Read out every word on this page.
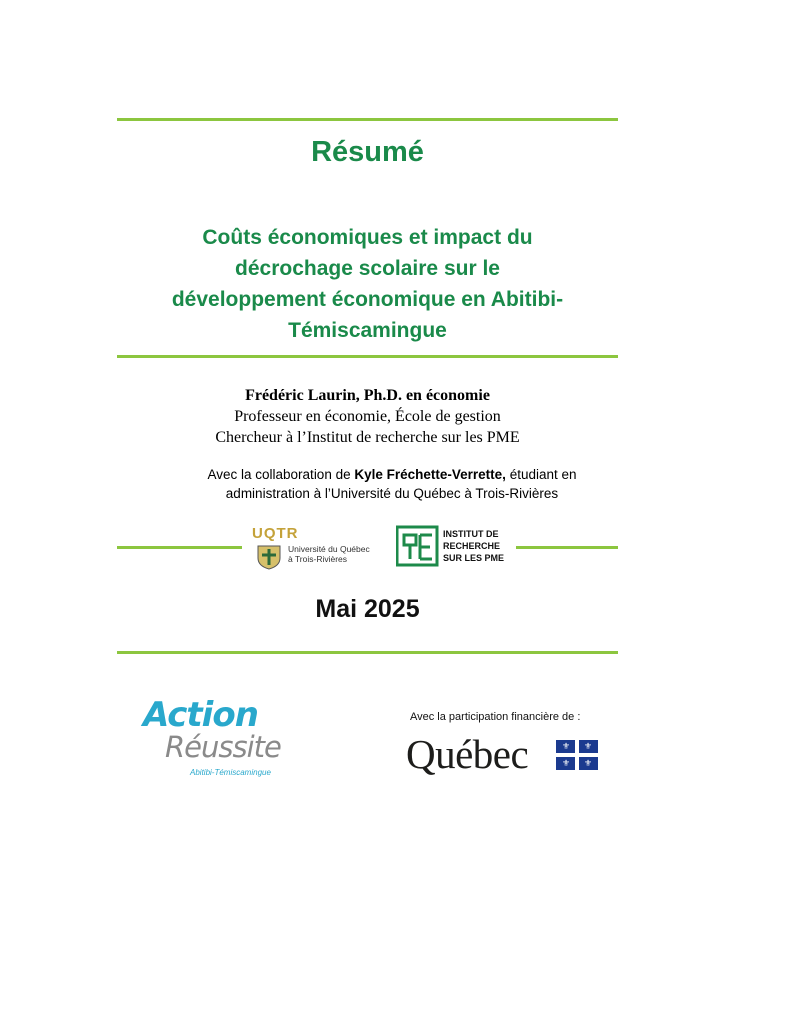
Résumé
Coûts économiques et impact du
décrochage scolaire sur le
développement économique en Abitibi-
Témiscamingue
Frédéric Laurin, Ph.D. en économie
Professeur en économie, École de gestion
Chercheur à l’Institut de recherche sur les PME
Avec la collaboration de Kyle Fréchette-Verrette, étudiant en
administration à l’Université du Québec à Trois-Rivières
UQTR
Université du Québec
à Trois-Rivières
INSTITUT DE
RECHERCHE
SUR LES PME
Mai 2025
Action
Réussite
Abitibi-Témiscamingue
Avec la participation financière de :
Québec	⚜ ⚜
⚜ ⚜
